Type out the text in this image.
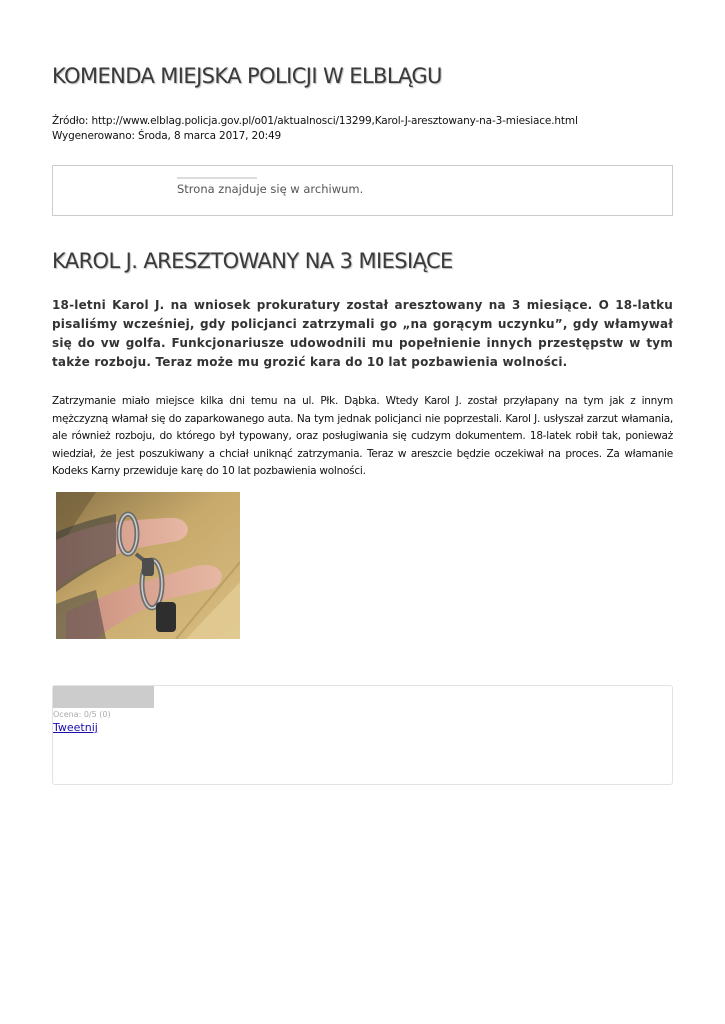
KOMENDA MIEJSKA POLICJI W ELBLĄGU
Źródło: http://www.elblag.policja.gov.pl/o01/aktualnosci/13299,Karol-J-aresztowany-na-3-miesiace.html
Wygenerowano: Środa, 8 marca 2017, 20:49
Strona znajduje się w archiwum.
KAROL J. ARESZTOWANY NA 3 MIESIĄCE

18-letni Karol J. na wniosek prokuratury został aresztowany na 3 miesiące. O 18-latku pisaliśmy wcześniej, gdy policjanci zatrzymali go „na gorącym uczynku”, gdy włamywał się do vw golfa. Funkcjonariusze udowodnili mu popełnienie innych przestępstw w tym także rozboju. Teraz może mu grozić kara do 10 lat pozbawienia wolności.

Zatrzymanie miało miejsce kilka dni temu na ul. Płk. Dąbka. Wtedy Karol J. został przyłapany na tym jak z innym mężczyzną włamał się do zaparkowanego auta. Na tym jednak policjanci nie poprzestali. Karol J. usłyszał zarzut włamania, ale również rozboju, do którego był typowany, oraz posługiwania się cudzym dokumentem. 18-latek robił tak, ponieważ wiedział, że jest poszukiwany a chciał uniknąć zatrzymania. Teraz w areszcie będzie oczekiwał na proces. Za włamanie Kodeks Karny przewiduje karę do 10 lat pozbawienia wolności.

Ocena: 0/5 (0)
Tweetnij
